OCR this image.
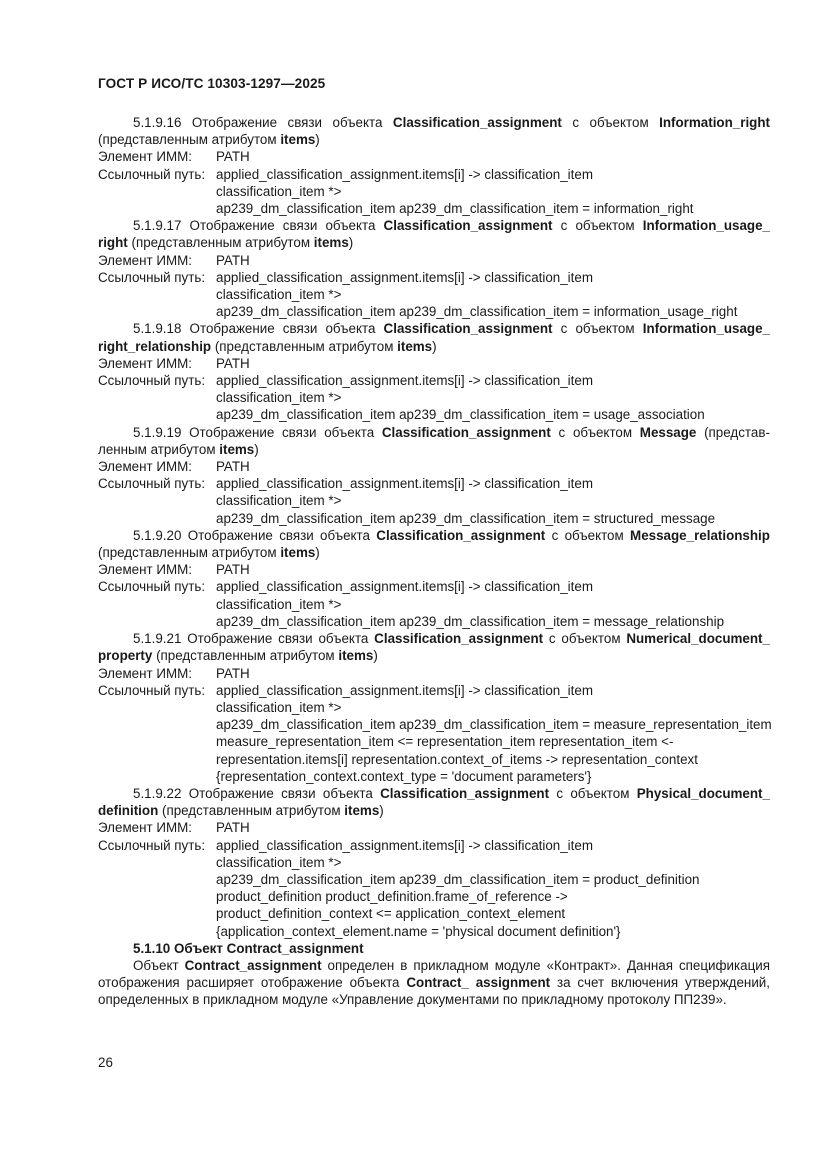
ГОСТ Р ИСО/ТС 10303-1297—2025
5.1.9.16 Отображение связи объекта Classification_assignment с объектом Information_right (представленным атрибутом items)
Элемент ИММ:	PATH
Ссылочный путь: applied_classification_assignment.items[i] -> classification_item
classification_item *>
ap239_dm_classification_item ap239_dm_classification_item = information_right
5.1.9.17 Отображение связи объекта Classification_assignment с объектом Information_usage_ right (представленным атрибутом items)
Элемент ИММ:	PATH
Ссылочный путь: applied_classification_assignment.items[i] -> classification_item
classification_item *>
ap239_dm_classification_item ap239_dm_classification_item = information_usage_right
5.1.9.18 Отображение связи объекта Classification_assignment с объектом Information_usage_ right_relationship (представленным атрибутом items)
Элемент ИММ:	PATH
Ссылочный путь: applied_classification_assignment.items[i] -> classification_item
classification_item *>
ap239_dm_classification_item ap239_dm_classification_item = usage_association
5.1.9.19 Отображение связи объекта Classification_assignment с объектом Message (представ- ленным атрибутом items)
Элемент ИММ:	PATH
Ссылочный путь: applied_classification_assignment.items[i] -> classification_item
classification_item *>
ap239_dm_classification_item ap239_dm_classification_item = structured_message
5.1.9.20 Отображение связи объекта Classification_assignment с объектом Message_relationship (представленным атрибутом items)
Элемент ИММ:	PATH
Ссылочный путь: applied_classification_assignment.items[i] -> classification_item
classification_item *>
ap239_dm_classification_item ap239_dm_classification_item = message_relationship
5.1.9.21 Отображение связи объекта Classification_assignment с объектом Numerical_document_ property (представленным атрибутом items)
Элемент ИММ:	PATH
Ссылочный путь: applied_classification_assignment.items[i] -> classification_item
classification_item *>
ap239_dm_classification_item ap239_dm_classification_item = measure_representation_item
measure_representation_item <= representation_item representation_item <-
representation.items[i] representation.context_of_items -> representation_context
{representation_context.context_type = 'document parameters'}
5.1.9.22 Отображение связи объекта Classification_assignment с объектом Physical_document_ definition (представленным атрибутом items)
Элемент ИММ:	PATH
Ссылочный путь: applied_classification_assignment.items[i] -> classification_item
classification_item *>
ap239_dm_classification_item ap239_dm_classification_item = product_definition
product_definition product_definition.frame_of_reference ->
product_definition_context <= application_context_element
{application_context_element.name = 'physical document definition'}
5.1.10 Объект Contract_assignment
Объект Contract_assignment определен в прикладном модуле «Контракт». Данная спецификация отображения расширяет отображение объекта Contract_ assignment за счет включения утверждений, определенных в прикладном модуле «Управление документами по прикладному протоколу ПП239».
26
